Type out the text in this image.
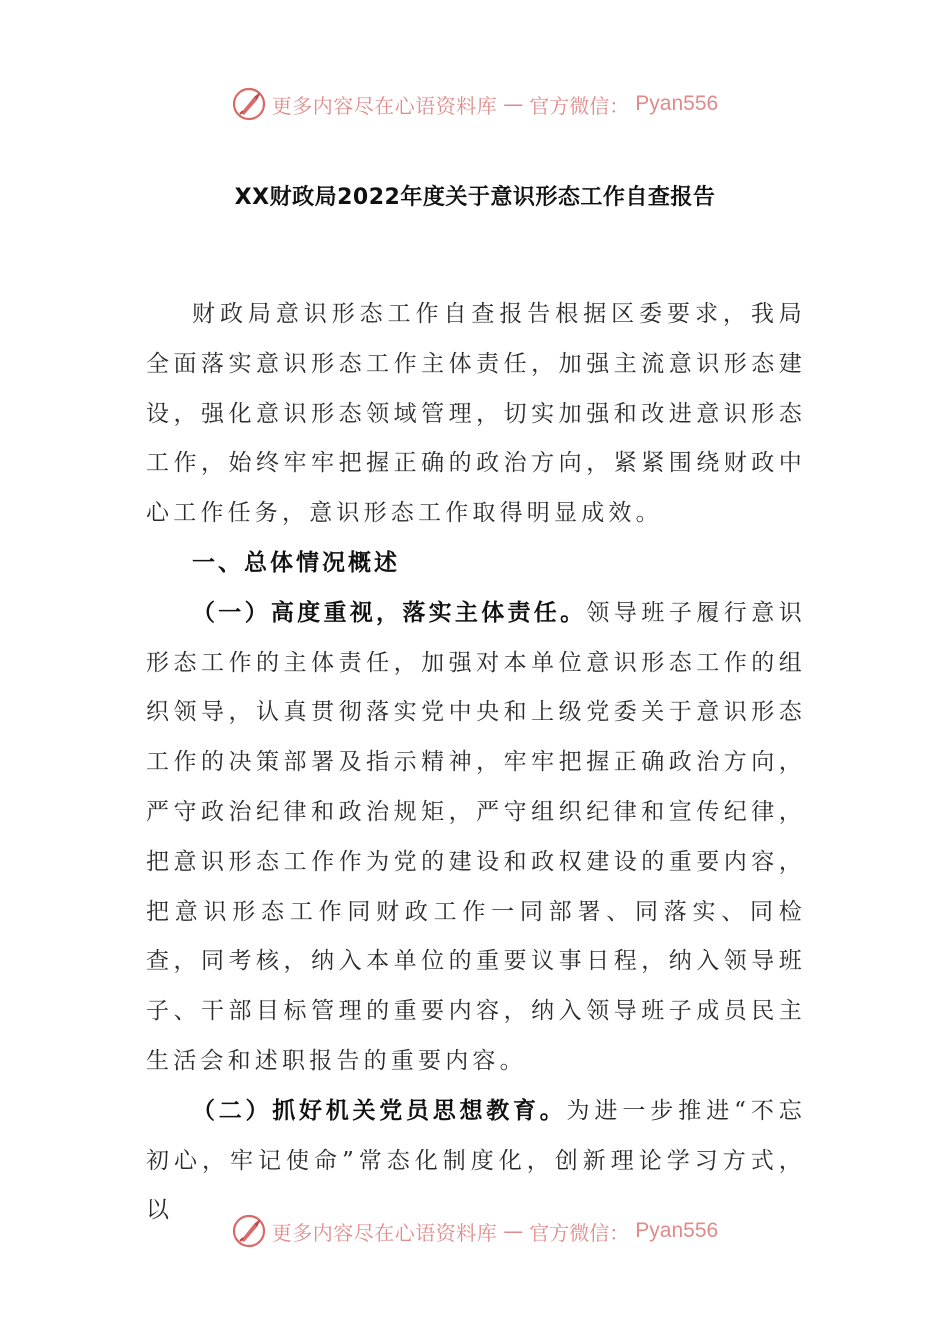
更多内容尽在心语资料库 — 官方微信： Pyan556
XX财政局2022年度关于意识形态工作自查报告

财政局意识形态工作自查报告根据区委要求，我局全面落实意识形态工作主体责任，加强主流意识形态建设，强化意识形态领域管理，切实加强和改进意识形态工作，始终牢牢把握正确的政治方向，紧紧围绕财政中心工作任务，意识形态工作取得明显成效。

一、总体情况概述

（一）高度重视，落实主体责任。领导班子履行意识形态工作的主体责任，加强对本单位意识形态工作的组织领导，认真贯彻落实党中央和上级党委关于意识形态工作的决策部署及指示精神，牢牢把握正确政治方向，严守政治纪律和政治规矩，严守组织纪律和宣传纪律，把意识形态工作作为党的建设和政权建设的重要内容，把意识形态工作同财政工作一同部署、同落实、同检查，同考核，纳入本单位的重要议事日程，纳入领导班子、干部目标管理的重要内容，纳入领导班子成员民主生活会和述职报告的重要内容。

（二）抓好机关党员思想教育。为进一步推进“不忘初心，牢记使命”常态化制度化，创新理论学习方式，以

更多内容尽在心语资料库 — 官方微信： Pyan556
